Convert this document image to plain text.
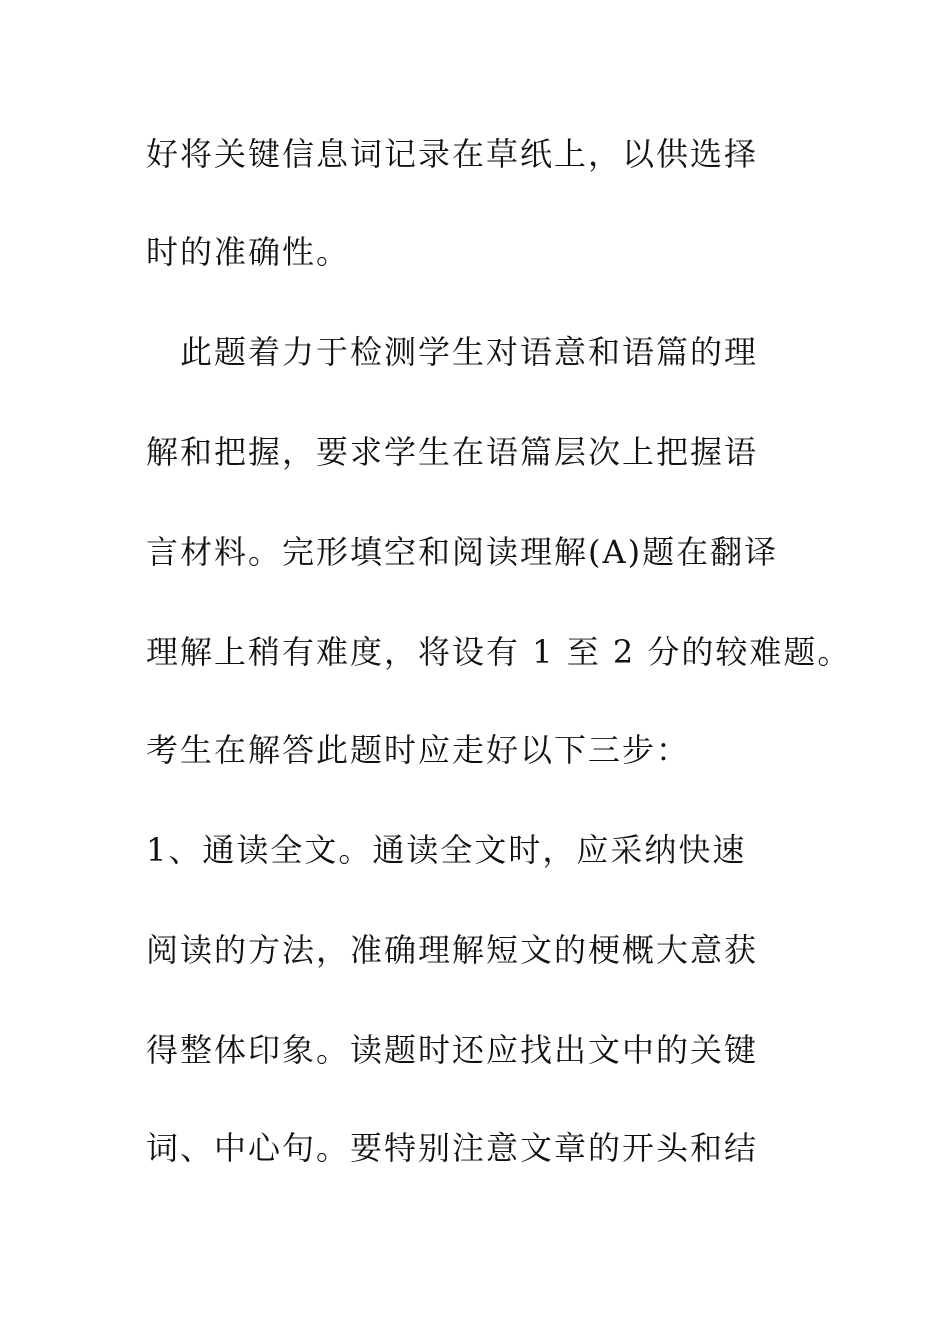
好将关键信息词记录在草纸上，以供选择
时的准确性。
　此题着力于检测学生对语意和语篇的理
解和把握，要求学生在语篇层次上把握语
言材料。完形填空和阅读理解(A)题在翻译
理解上稍有难度，将设有 1 至 2 分的较难题。
考生在解答此题时应走好以下三步：
1、通读全文。通读全文时，应采纳快速
阅读的方法，准确理解短文的梗概大意获
得整体印象。读题时还应找出文中的关键
词、中心句。要特别注意文章的开头和结
